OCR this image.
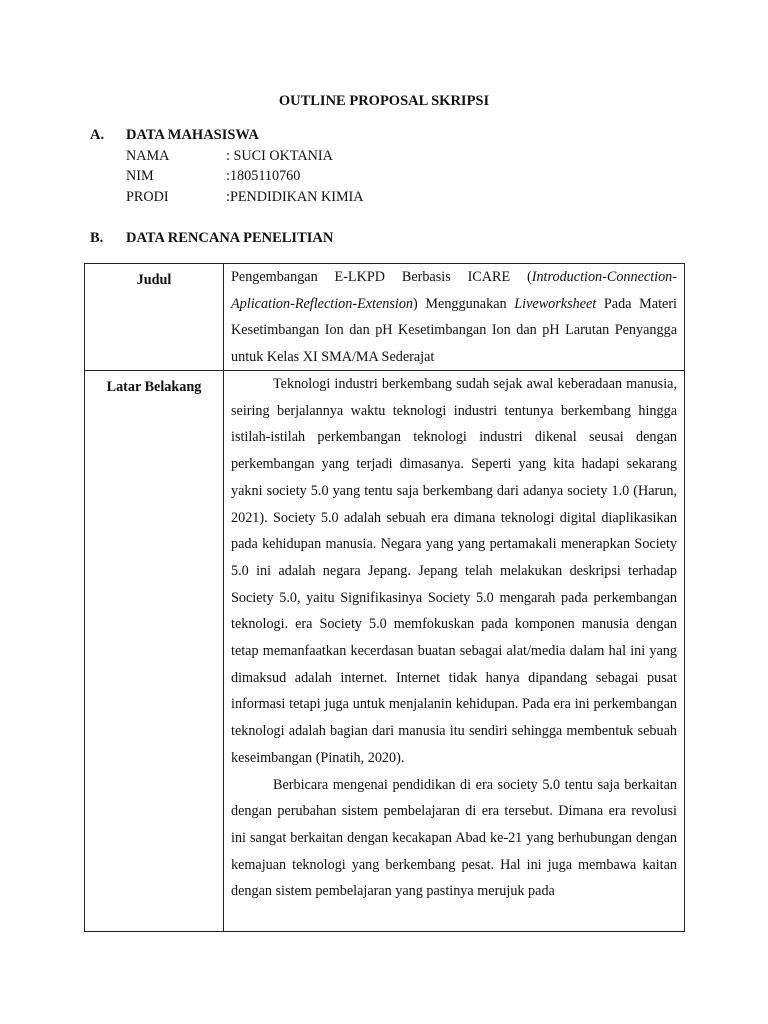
OUTLINE PROPOSAL SKRIPSI
A. DATA MAHASISWA
NAMA	: SUCI OKTANIA
NIM	:1805110760
PRODI	:PENDIDIKAN KIMIA
B. DATA RENCANA PENELITIAN
Judul	Pengembangan E-LKPD Berbasis ICARE (Introduction-Connection-Aplication-Reflection-Extension) Menggunakan Liveworksheet Pada Materi Kesetimbangan Ion dan pH Kesetimbangan Ion dan pH Larutan Penyangga untuk Kelas XI SMA/MA Sederajat

Latar Belakang	Teknologi industri berkembang sudah sejak awal keberadaan manusia, seiring berjalannya waktu teknologi industri tentunya berkembang hingga istilah-istilah perkembangan teknologi industri dikenal seusai dengan perkembangan yang terjadi dimasanya. Seperti yang kita hadapi sekarang yakni society 5.0 yang tentu saja berkembang dari adanya society 1.0 (Harun, 2021). Society 5.0 adalah sebuah era dimana teknologi digital diaplikasikan pada kehidupan manusia. Negara yang yang pertamakali menerapkan Society 5.0 ini adalah negara Jepang. Jepang telah melakukan deskripsi terhadap Society 5.0, yaitu Signifikasinya Society 5.0 mengarah pada perkembangan teknologi. era Society 5.0 memfokuskan pada komponen manusia dengan tetap memanfaatkan kecerdasan buatan sebagai alat/media dalam hal ini yang dimaksud adalah internet. Internet tidak hanya dipandang sebagai pusat informasi tetapi juga untuk menjalanin kehidupan. Pada era ini perkembangan teknologi adalah bagian dari manusia itu sendiri sehingga membentuk sebuah keseimbangan (Pinatih, 2020).

Berbicara mengenai pendidikan di era society 5.0 tentu saja berkaitan dengan perubahan sistem pembelajaran di era tersebut. Dimana era revolusi ini sangat berkaitan dengan kecakapan Abad ke-21 yang berhubungan dengan kemajuan teknologi yang berkembang pesat. Hal ini juga membawa kaitan dengan sistem pembelajaran yang pastinya merujuk pada
